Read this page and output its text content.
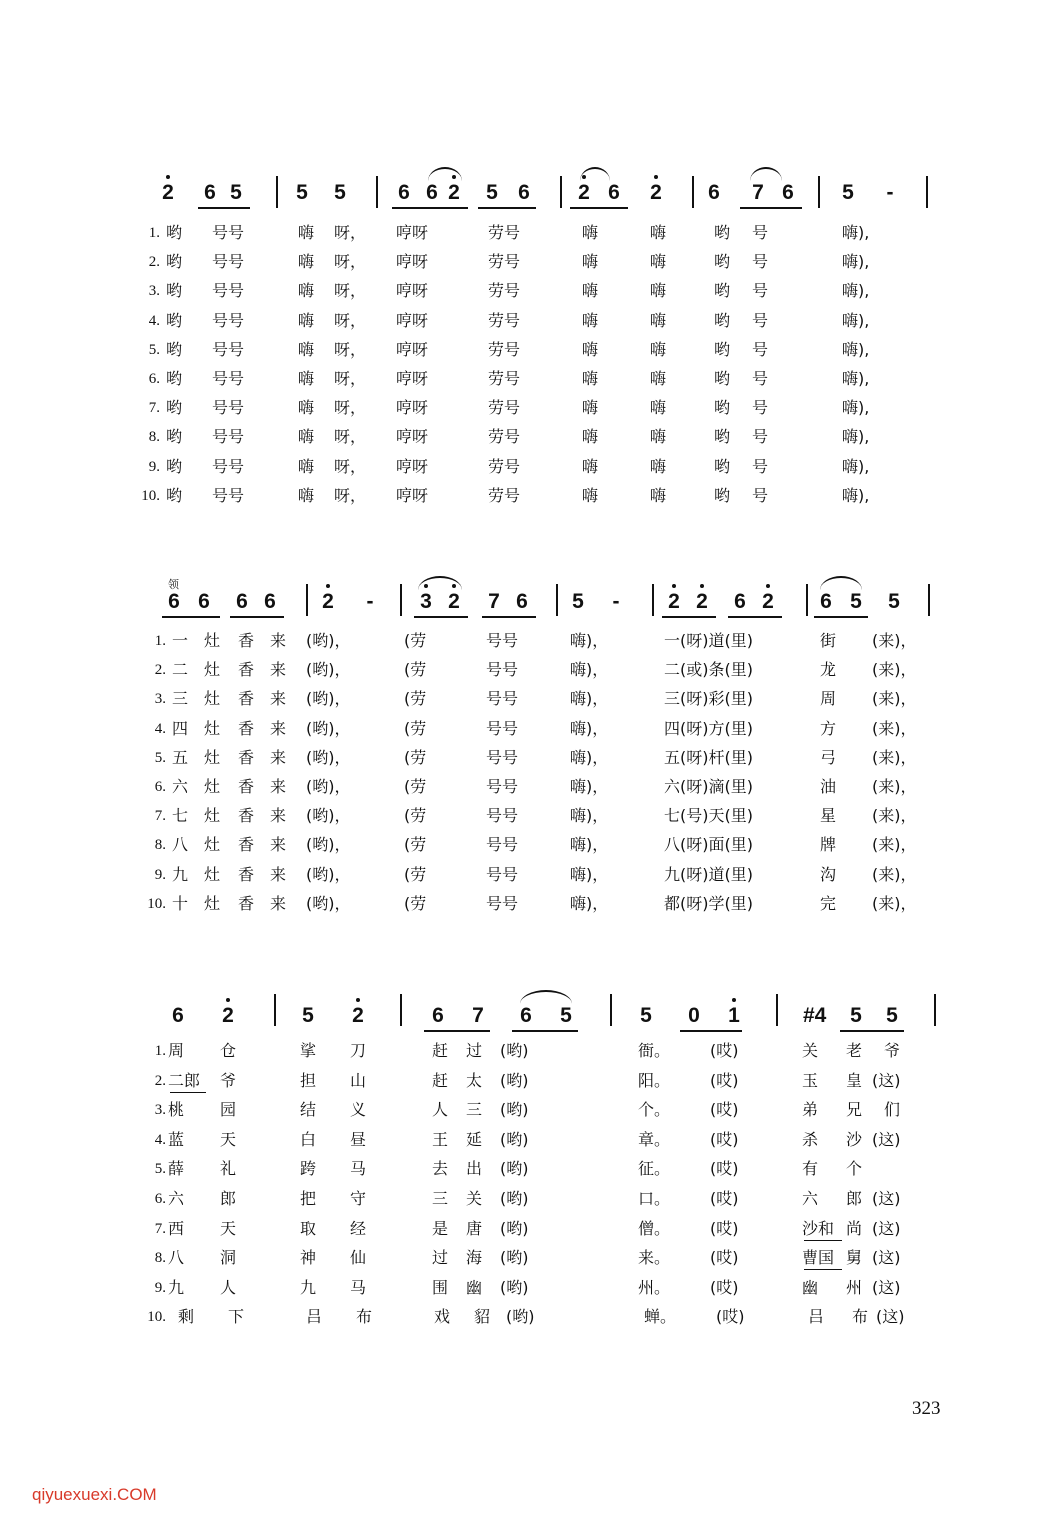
2 6 5	5 5 6 6 2 5 6 2 6 2 6 7 6 5	-
1. 哟 号号	嗨 呀， 哼呀	劳号	嗨	嗨	哟 号	嗨),
2. 哟 号号	嗨 呀， 哼呀	劳号	嗨	嗨	哟 号	嗨),
3. 哟 号号	嗨 呀， 哼呀	劳号	嗨	嗨	哟 号	嗨),
4. 哟 号号	嗨 呀， 哼呀	劳号	嗨	嗨	哟 号	嗨),
5. 哟 号号	嗨 呀， 哼呀	劳号	嗨	嗨	哟 号	嗨),
6. 哟 号号	嗨 呀， 哼呀	劳号	嗨	嗨	哟 号	嗨),
7. 哟 号号	嗨 呀， 哼呀	劳号	嗨	嗨	哟 号	嗨),
8. 哟 号号	嗨 呀， 哼呀	劳号	嗨	嗨	哟 号	嗨),
9. 哟 号号	嗨 呀， 哼呀	劳号	嗨	嗨	哟 号	嗨),
10. 哟 号号	嗨 呀， 哼呀	劳号	嗨	嗨	哟 号	嗨),
6 6 6 6 2	-	3 2 7 6 5	-	2 2 6 2 6 5 5
领
1. 一 灶 香 来 (哟)，	(劳	号号	嗨)，	一(呀)道(里)	街 (来)，
2. 二 灶 香 来 (哟)，	(劳	号号	嗨)，	二(或)条(里)	龙 (来)，
3. 三 灶 香 来 (哟)，	(劳	号号	嗨)，	三(呀)彩(里)	周 (来)，
4. 四 灶 香 来 (哟)，	(劳	号号	嗨)，	四(呀)方(里)	方 (来)，
5. 五 灶 香 来 (哟)，	(劳	号号	嗨)，	五(呀)杆(里)	弓 (来)，
6. 六 灶 香 来 (哟)，	(劳	号号	嗨)，	六(呀)滴(里)	油 (来)，
7. 七 灶 香 来 (哟)，	(劳	号号	嗨)，	七(号)天(里)	星 (来)，
8. 八 灶 香 来 (哟)，	(劳	号号	嗨)，	八(呀)面(里)	牌 (来)，
9. 九 灶 香 来 (哟)，	(劳	号号	嗨)，	九(呀)道(里)	沟 (来)，
10. 十 灶 香 来 (哟)，	(劳	号号	嗨)，	都(呀)学(里)	完 (来)，
6 2	5 2	6 7 6 5	5 0 1	#4 5 5
1. 周 仓	挲 刀	赶 过 (哟)	衙。 (哎)	关 老 爷
2. 二郎 爷	担 山	赶 太 (哟)	阳。 (哎)	玉 皇 (这)
3. 桃 园	结 义	人 三 (哟)	个。 (哎)	弟 兄 们
4. 蓝 天	白 昼	王 延 (哟)	章。 (哎)	杀 沙 (这)
5. 薛 礼	跨 马	去 出 (哟)	征。 (哎)	有 个
6. 六 郎	把 守	三 关 (哟)	口。 (哎)	六 郎 (这)
7. 西 天	取 经	是 唐 (哟)	僧。 (哎)	沙和 尚 (这)
8. 八 洞	神 仙	过 海 (哟)	来。 (哎)	曹国 舅 (这)
9. 九 人	九 马	围 幽 (哟)	州。 (哎)	幽 州 (这)
10. 剩 下	吕 布	戏 貂 (哟)	蝉。 (哎)	吕 布 (这)
323
qiyuexuexi.COM
